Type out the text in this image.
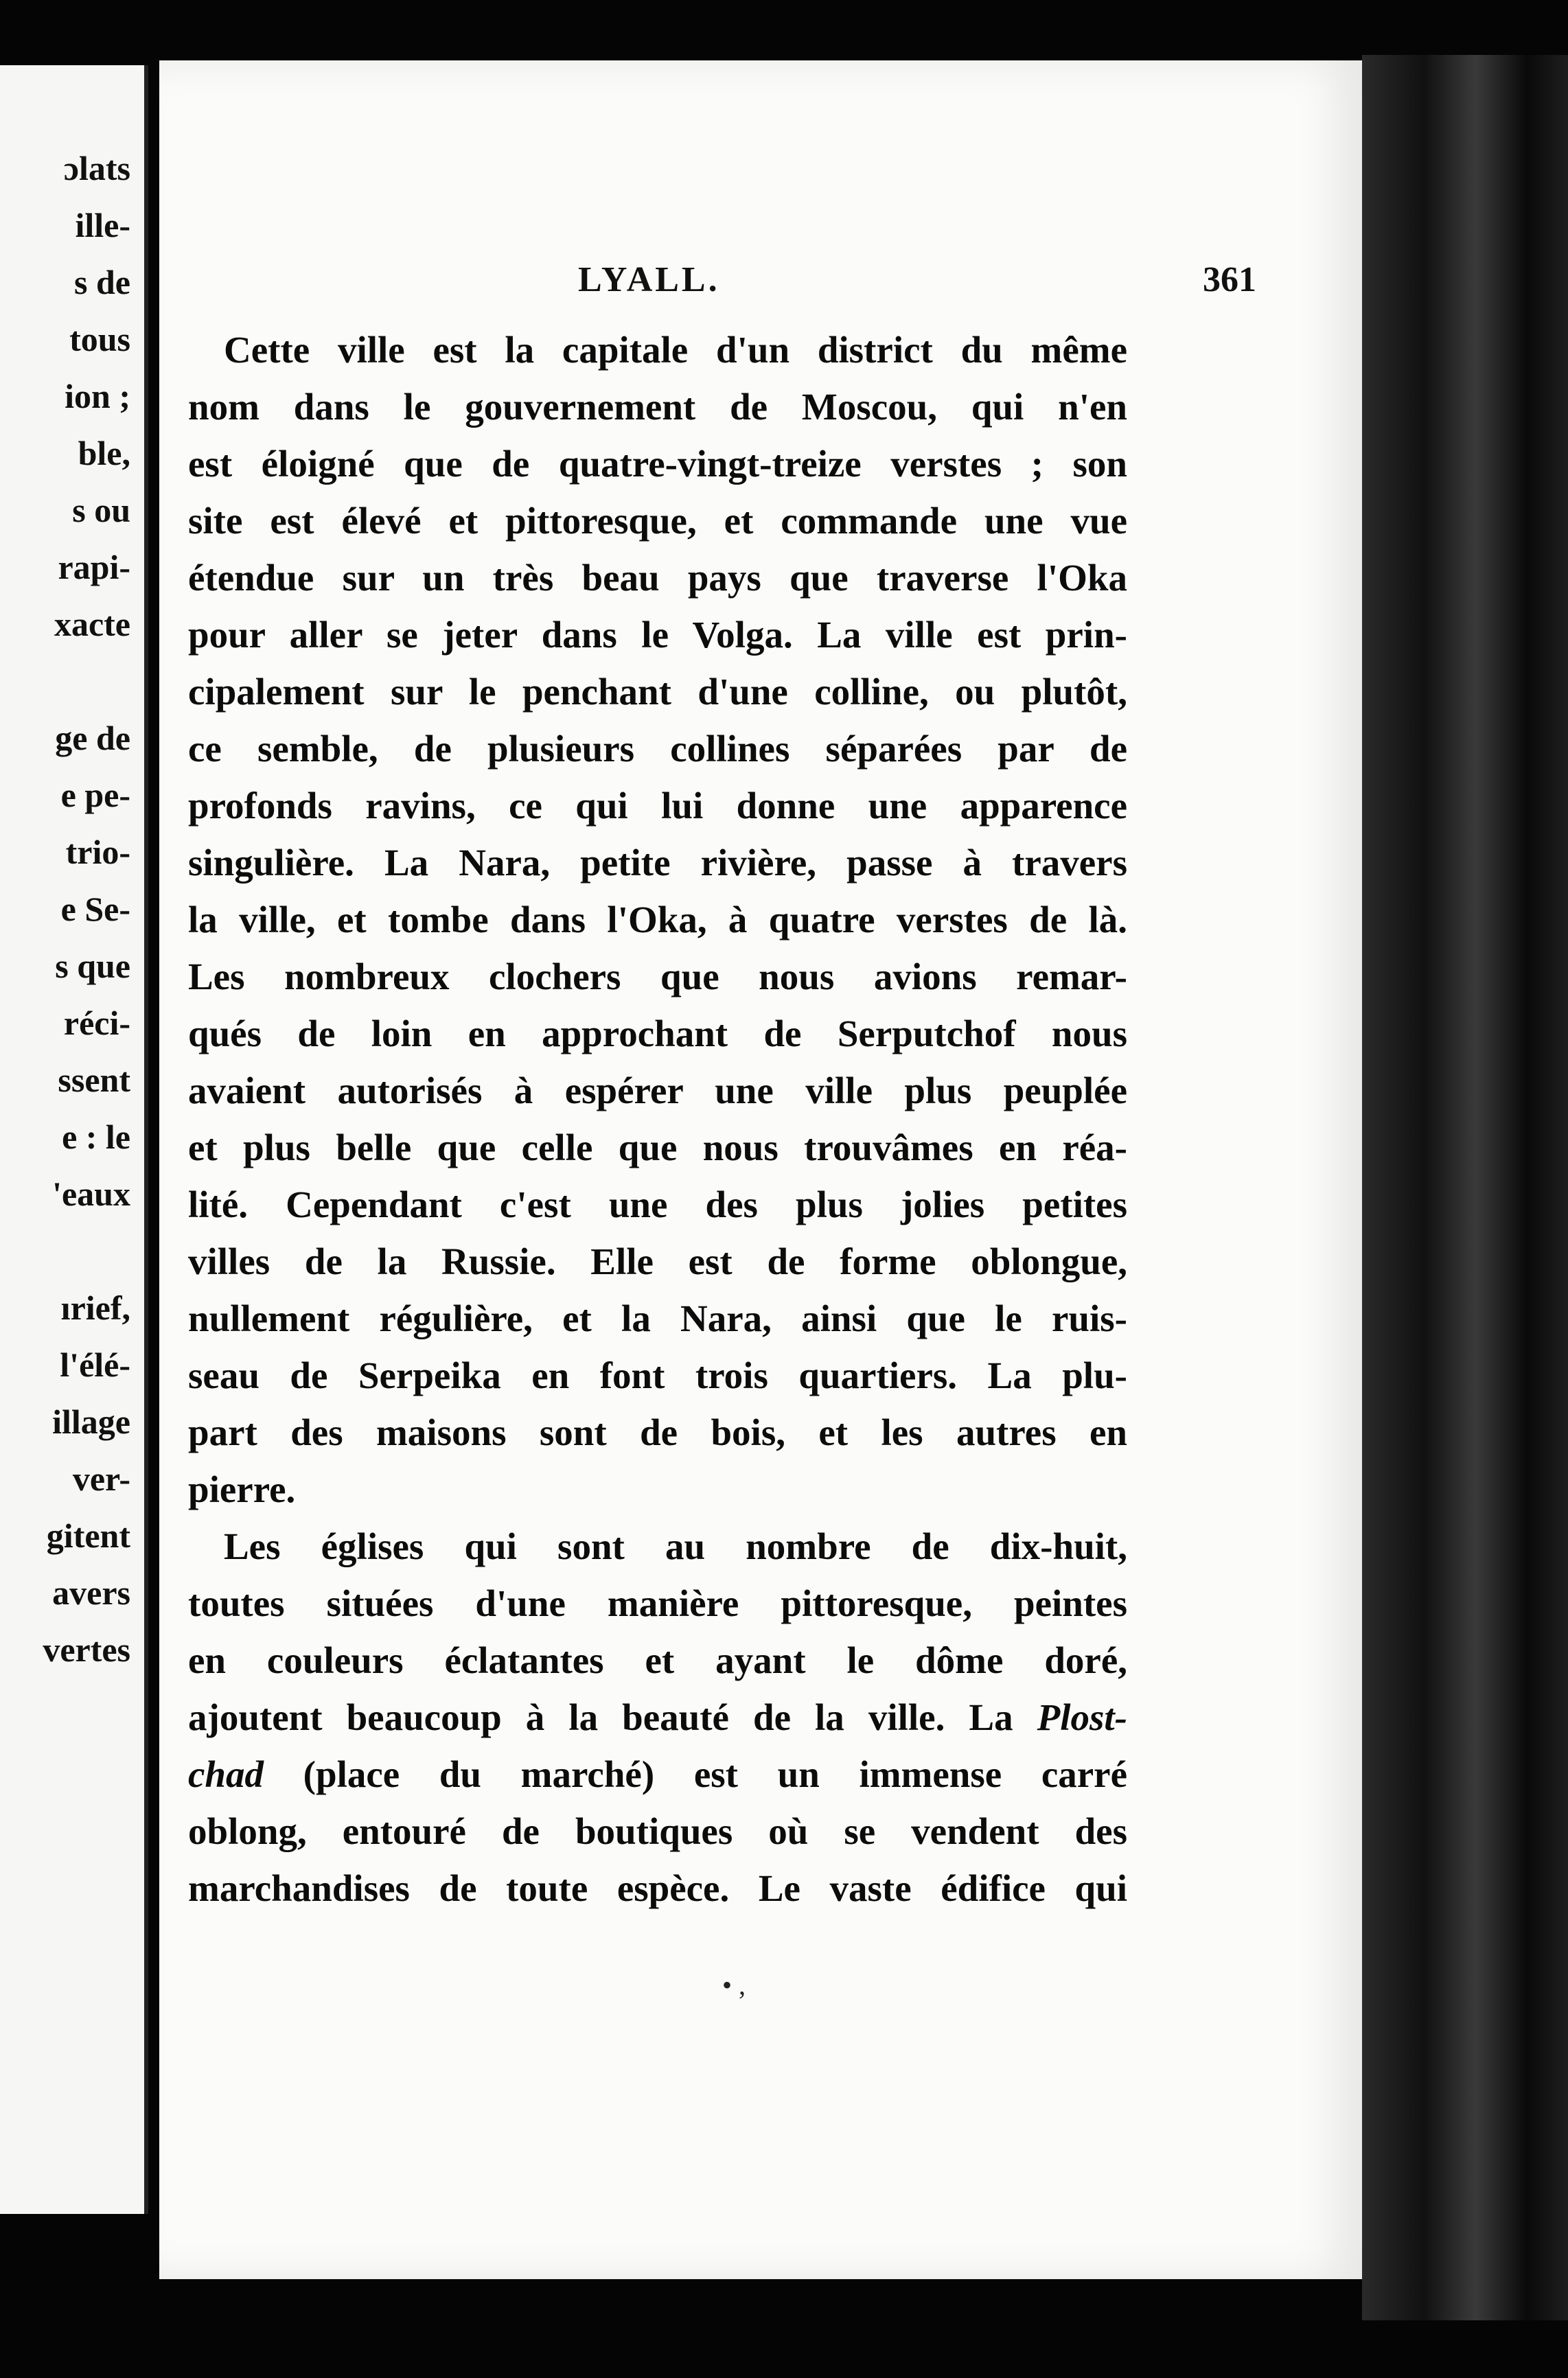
ɔlats
ille-
s de
tous
ion ;
ble,
s ou
rapi-
xacte
ge de
e pe-
trio-
e Se-
s que
réci-
ssent
e : le
'eaux
ırief,
l'élé-
illage
ver-
gitent
avers
vertes
LYALL.	361
Cette ville est la capitale d'un district du même
nom dans le gouvernement de Moscou, qui n'en
est éloigné que de quatre-vingt-treize verstes ; son
site est élevé et pittoresque, et commande une vue
étendue sur un très beau pays que traverse l'Oka
pour aller se jeter dans le Volga. La ville est prin-
cipalement sur le penchant d'une colline, ou plutôt,
ce semble, de plusieurs collines séparées par de
profonds ravins, ce qui lui donne une apparence
singulière. La Nara, petite rivière, passe à travers
la ville, et tombe dans l'Oka, à quatre verstes de là.
Les nombreux clochers que nous avions remar-
qués de loin en approchant de Serputchof nous
avaient autorisés à espérer une ville plus peuplée
et plus belle que celle que nous trouvâmes en réa-
lité. Cependant c'est une des plus jolies petites
villes de la Russie. Elle est de forme oblongue,
nullement régulière, et la Nara, ainsi que le ruis-
seau de Serpeika en font trois quartiers. La plu-
part des maisons sont de bois, et les autres en
pierre.
Les églises qui sont au nombre de dix-huit,
toutes situées d'une manière pittoresque, peintes
en couleurs éclatantes et ayant le dôme doré,
ajoutent beaucoup à la beauté de la ville. La Plost-
chad (place du marché) est un immense carré
oblong, entouré de boutiques où se vendent des
marchandises de toute espèce. Le vaste édifice qui
• ,
